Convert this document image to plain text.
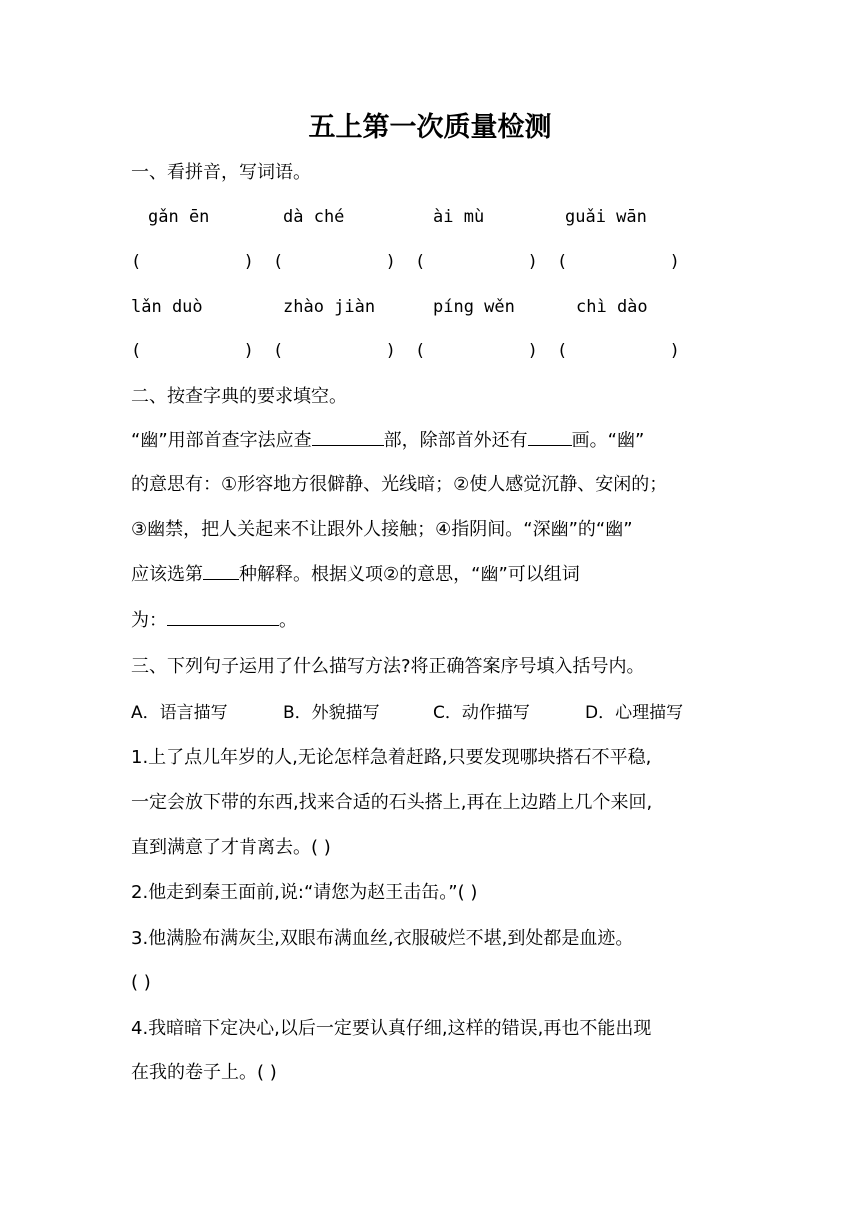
五上第一次质量检测
一、看拼音，写词语。
gǎn ēn	dà ché	ài mù	guǎi wān
(          ) (          ) (          ) (          )
lǎn duò	zhào jiàn	píng wěn	chì dào
(          ) (          ) (          ) (          )
二、按查字典的要求填空。
“幽”用部首查字法应查	部，除部首外还有 画。“幽”
的意思有：①形容地方很僻静、光线暗；②使人感觉沉静、安闲的；
③幽禁，把人关起来不让跟外人接触；④指阴间。“深幽”的“幽”
应该选第 种解释。根据义项②的意思，“幽”可以组词
为：	。
三、下列句子运用了什么描写方法?将正确答案序号填入括号内。
A．语言描写	B．外貌描写	C．动作描写	D．心理描写
1.上了点儿年岁的人,无论怎样急着赶路,只要发现哪块搭石不平稳,
一定会放下带的东西,找来合适的石头搭上,再在上边踏上几个来回,
直到满意了才肯离去。( )
2.他走到秦王面前,说:“请您为赵王击缶。”( )
3.他满脸布满灰尘,双眼布满血丝,衣服破烂不堪,到处都是血迹。
( )
4.我暗暗下定决心,以后一定要认真仔细,这样的错误,再也不能出现
在我的卷子上。( )
